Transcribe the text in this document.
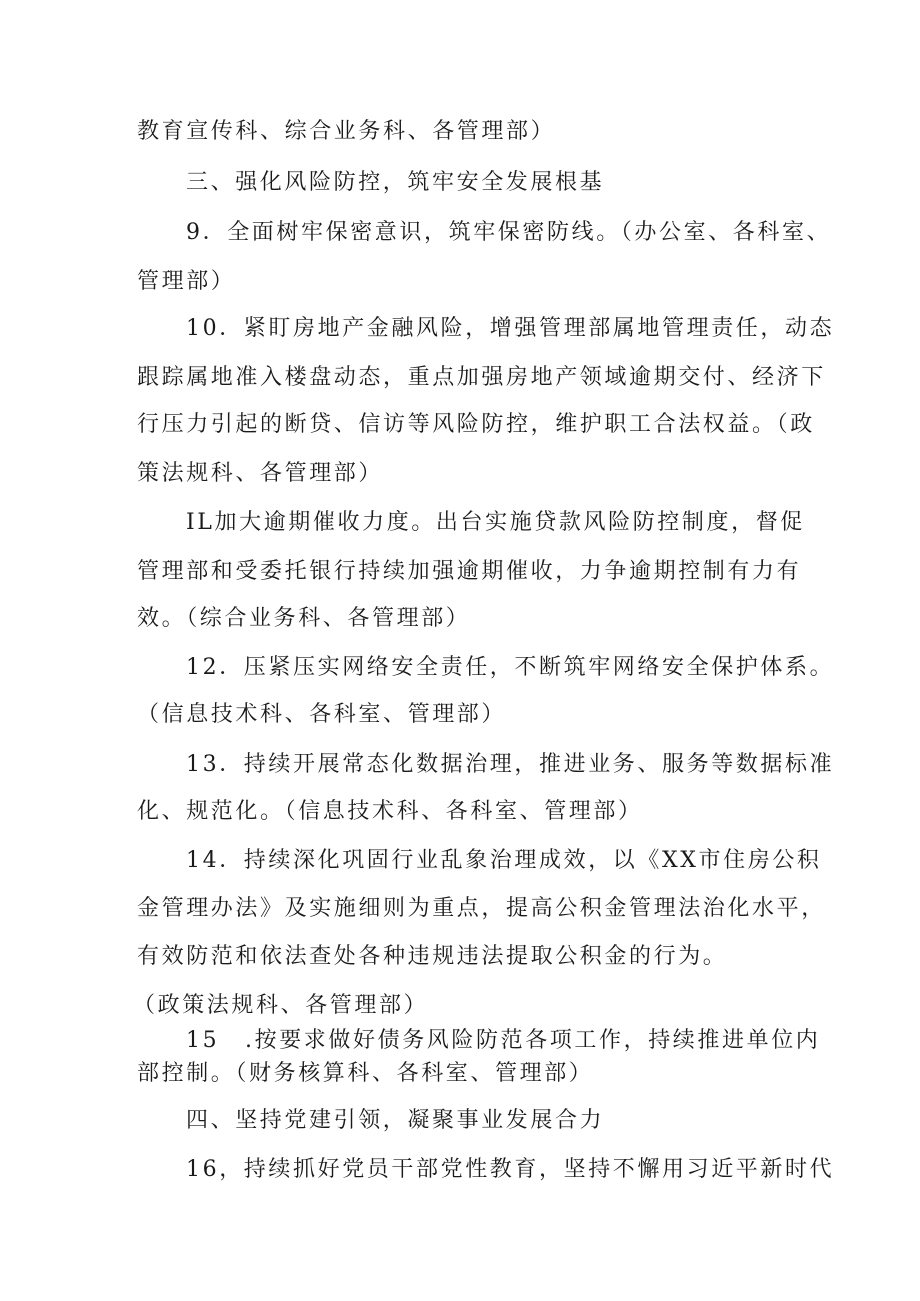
教育宣传科、综合业务科、各管理部）
三、强化风险防控，筑牢安全发展根基
9．全面树牢保密意识，筑牢保密防线。（办公室、各科室、
管理部）
10．紧盯房地产金融风险，增强管理部属地管理责任，动态
跟踪属地准入楼盘动态，重点加强房地产领域逾期交付、经济下
行压力引起的断贷、信访等风险防控，维护职工合法权益。（政
策法规科、各管理部）
IL加大逾期催收力度。出台实施贷款风险防控制度，督促
管理部和受委托银行持续加强逾期催收，力争逾期控制有力有
效。（综合业务科、各管理部）
12．压紧压实网络安全责任，不断筑牢网络安全保护体系。
（信息技术科、各科室、管理部）
13．持续开展常态化数据治理，推进业务、服务等数据标准
化、规范化。（信息技术科、各科室、管理部）
14．持续深化巩固行业乱象治理成效，以《XX市住房公积
金管理办法》及实施细则为重点，提高公积金管理法治化水平，
有效防范和依法查处各种违规违法提取公积金的行为。
（政策法规科、各管理部）
15 .按要求做好债务风险防范各项工作，持续推进单位内
部控制。（财务核算科、各科室、管理部）
四、坚持党建引领，凝聚事业发展合力
16，持续抓好党员干部党性教育，坚持不懈用习近平新时代
